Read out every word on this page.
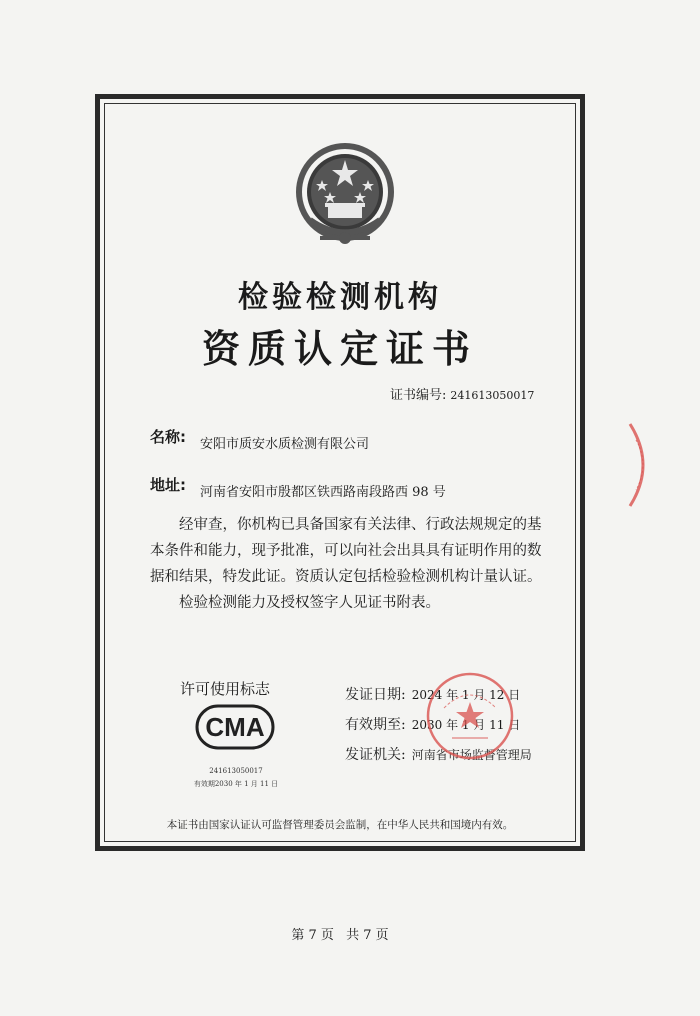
检验检测机构
资质认定证书
证书编号: 241613050017
名称: 安阳市质安水质检测有限公司
地址: 河南省安阳市殷都区铁西路南段路西 98 号

经审查，你机构已具备国家有关法律、行政法规规定的基本条件和能力，现予批准，可以向社会出具具有证明作用的数据和结果，特发此证。资质认定包括检验检测机构计量认证。

检验检测能力及授权签字人见证书附表。

许可使用标志
CMA
241613050017
有效期2030 年 1 月 11 日
发证日期: 2024 年 1 月 12 日
有效期至: 2030 年 1 月 11 日
发证机关: 河南省市场监督管理局
本证书由国家认证认可监督管理委员会监制，在中华人民共和国境内有效。
第 7 页 共 7 页
